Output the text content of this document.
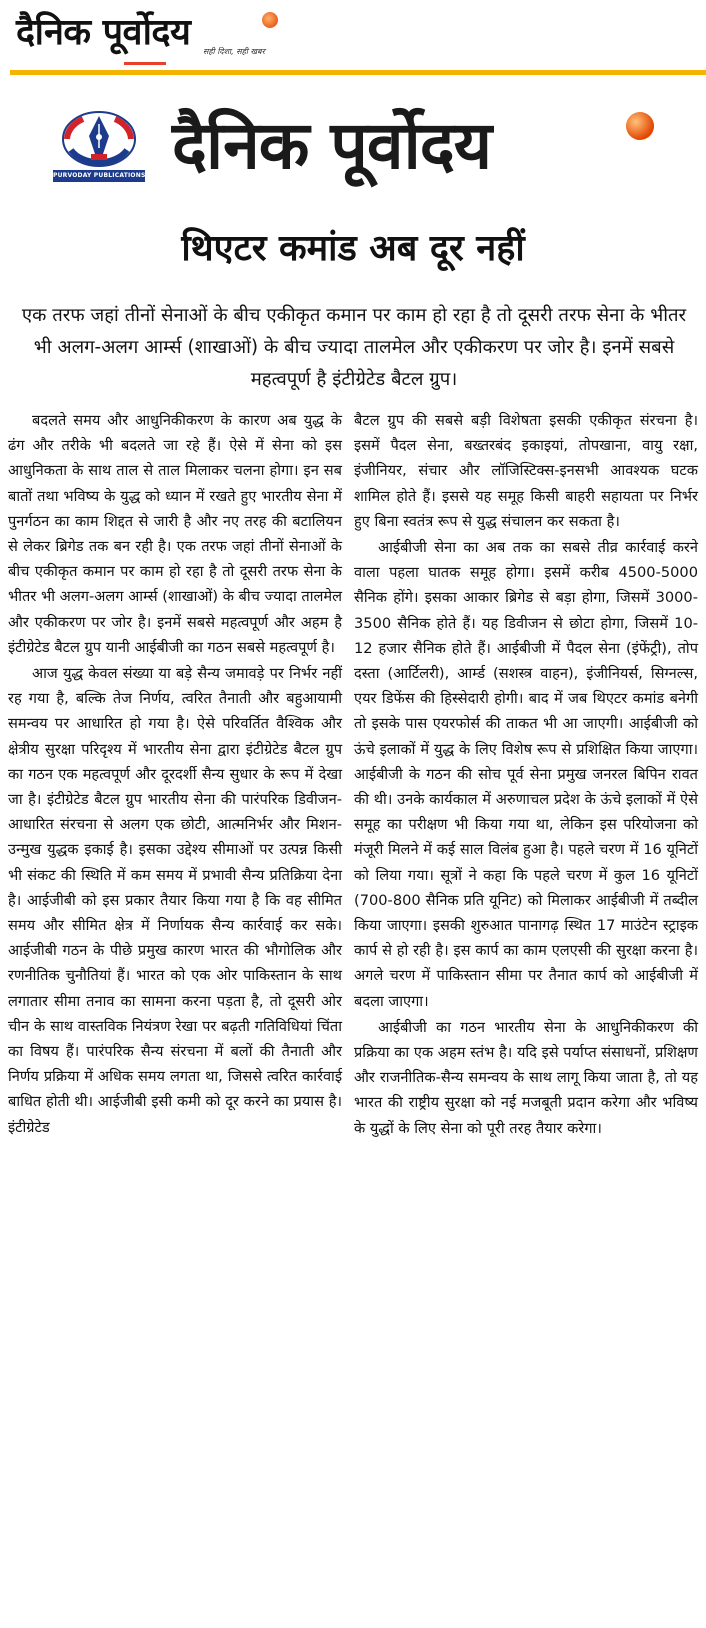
दैनिक पूर्वोदय सही दिशा, सही खबर
PURVODAY PUBLICATIONS दैनिक पूर्वोदय
थिएटर कमांड अब दूर नहीं
एक तरफ जहां तीनों सेनाओं के बीच एकीकृत कमान पर काम हो रहा है तो दूसरी तरफ सेना के भीतर भी अलग-अलग आर्म्स (शाखाओं) के बीच ज्यादा तालमेल और एकीकरण पर जोर है। इनमें सबसे महत्वपूर्ण है इंटीग्रेटेड बैटल ग्रुप।

बदलते समय और आधुनिकीकरण के कारण अब युद्ध के ढंग और तरीके भी बदलते जा रहे हैं। ऐसे में सेना को इस आधुनिकता के साथ ताल से ताल मिलाकर चलना होगा। इन सब बातों तथा भविष्य के युद्ध को ध्यान में रखते हुए भारतीय सेना में पुनर्गठन का काम शिद्दत से जारी है और नए तरह की बटालियन से लेकर ब्रिगेड तक बन रही है। एक तरफ जहां तीनों सेनाओं के बीच एकीकृत कमान पर काम हो रहा है तो दूसरी तरफ सेना के भीतर भी अलग-अलग आर्म्स (शाखाओं) के बीच ज्यादा तालमेल और एकीकरण पर जोर है। इनमें सबसे महत्वपूर्ण और अहम है इंटीग्रेटेड बैटल ग्रुप यानी आईबीजी का गठन सबसे महत्वपूर्ण है।

आज युद्ध केवल संख्या या बड़े सैन्य जमावड़े पर निर्भर नहीं रह गया है, बल्कि तेज निर्णय, त्वरित तैनाती और बहुआयामी समन्वय पर आधारित हो गया है। ऐसे परिवर्तित वैश्विक और क्षेत्रीय सुरक्षा परिदृश्य में भारतीय सेना द्वारा इंटीग्रेटेड बैटल ग्रुप का गठन एक महत्वपूर्ण और दूरदर्शी सैन्य सुधार के रूप में देखा जा है। इंटीग्रेटेड बैटल ग्रुप भारतीय सेना की पारंपरिक डिवीजन-आधारित संरचना से अलग एक छोटी, आत्मनिर्भर और मिशन-उन्मुख युद्धक इकाई है। इसका उद्देश्य सीमाओं पर उत्पन्न किसी भी संकट की स्थिति में कम समय में प्रभावी सैन्य प्रतिक्रिया देना है। आईजीबी को इस प्रकार तैयार किया गया है कि वह सीमित समय और सीमित क्षेत्र में निर्णायक सैन्य कार्रवाई कर सके। आईजीबी गठन के पीछे प्रमुख कारण भारत की भौगोलिक और रणनीतिक चुनौतियां हैं। भारत को एक ओर पाकिस्तान के साथ लगातार सीमा तनाव का सामना करना पड़ता है, तो दूसरी ओर चीन के साथ वास्तविक नियंत्रण रेखा पर बढ़ती गतिविधियां चिंता का विषय हैं। पारंपरिक सैन्य संरचना में बलों की तैनाती और निर्णय प्रक्रिया में अधिक समय लगता था, जिससे त्वरित कार्रवाई बाधित होती थी। आईजीबी इसी कमी को दूर करने का प्रयास है। इंटीग्रेटेड

बैटल ग्रुप की सबसे बड़ी विशेषता इसकी एकीकृत संरचना है। इसमें पैदल सेना, बख्तरबंद इकाइयां, तोपखाना, वायु रक्षा, इंजीनियर, संचार और लॉजिस्टिक्स-इनसभी आवश्यक घटक शामिल होते हैं। इससे यह समूह किसी बाहरी सहायता पर निर्भर हुए बिना स्वतंत्र रूप से युद्ध संचालन कर सकता है।

आईबीजी सेना का अब तक का सबसे तीव्र कार्रवाई करने वाला पहला घातक समूह होगा। इसमें करीब 4500-5000 सैनिक होंगे। इसका आकार ब्रिगेड से बड़ा होगा, जिसमें 3000-3500 सैनिक होते हैं। यह डिवीजन से छोटा होगा, जिसमें 10-12 हजार सैनिक होते हैं। आईबीजी में पैदल सेना (इंफेंट्री), तोप दस्ता (आर्टिलरी), आर्म्ड (सशस्त्र वाहन), इंजीनियर्स, सिग्नल्स, एयर डिफेंस की हिस्सेदारी होगी। बाद में जब थिएटर कमांड बनेगी तो इसके पास एयरफोर्स की ताकत भी आ जाएगी। आईबीजी को ऊंचे इलाकों में युद्ध के लिए विशेष रूप से प्रशिक्षित किया जाएगा। आईबीजी के गठन की सोच पूर्व सेना प्रमुख जनरल बिपिन रावत की थी। उनके कार्यकाल में अरुणाचल प्रदेश के ऊंचे इलाकों में ऐसे समूह का परीक्षण भी किया गया था, लेकिन इस परियोजना को मंजूरी मिलने में कई साल विलंब हुआ है। पहले चरण में 16 यूनिटों को लिया गया। सूत्रों ने कहा कि पहले चरण में कुल 16 यूनिटों (700-800 सैनिक प्रति यूनिट) को मिलाकर आईबीजी में तब्दील किया जाएगा। इसकी शुरुआत पानागढ़ स्थित 17 माउंटेन स्ट्राइक कार्प से हो रही है। इस कार्प का काम एलएसी की सुरक्षा करना है। अगले चरण में पाकिस्तान सीमा पर तैनात कार्प को आईबीजी में बदला जाएगा।

आईबीजी का गठन भारतीय सेना के आधुनिकीकरण की प्रक्रिया का एक अहम स्तंभ है। यदि इसे पर्याप्त संसाधनों, प्रशिक्षण और राजनीतिक-सैन्य समन्वय के साथ लागू किया जाता है, तो यह भारत की राष्ट्रीय सुरक्षा को नई मजबूती प्रदान करेगा और भविष्य के युद्धों के लिए सेना को पूरी तरह तैयार करेगा।
